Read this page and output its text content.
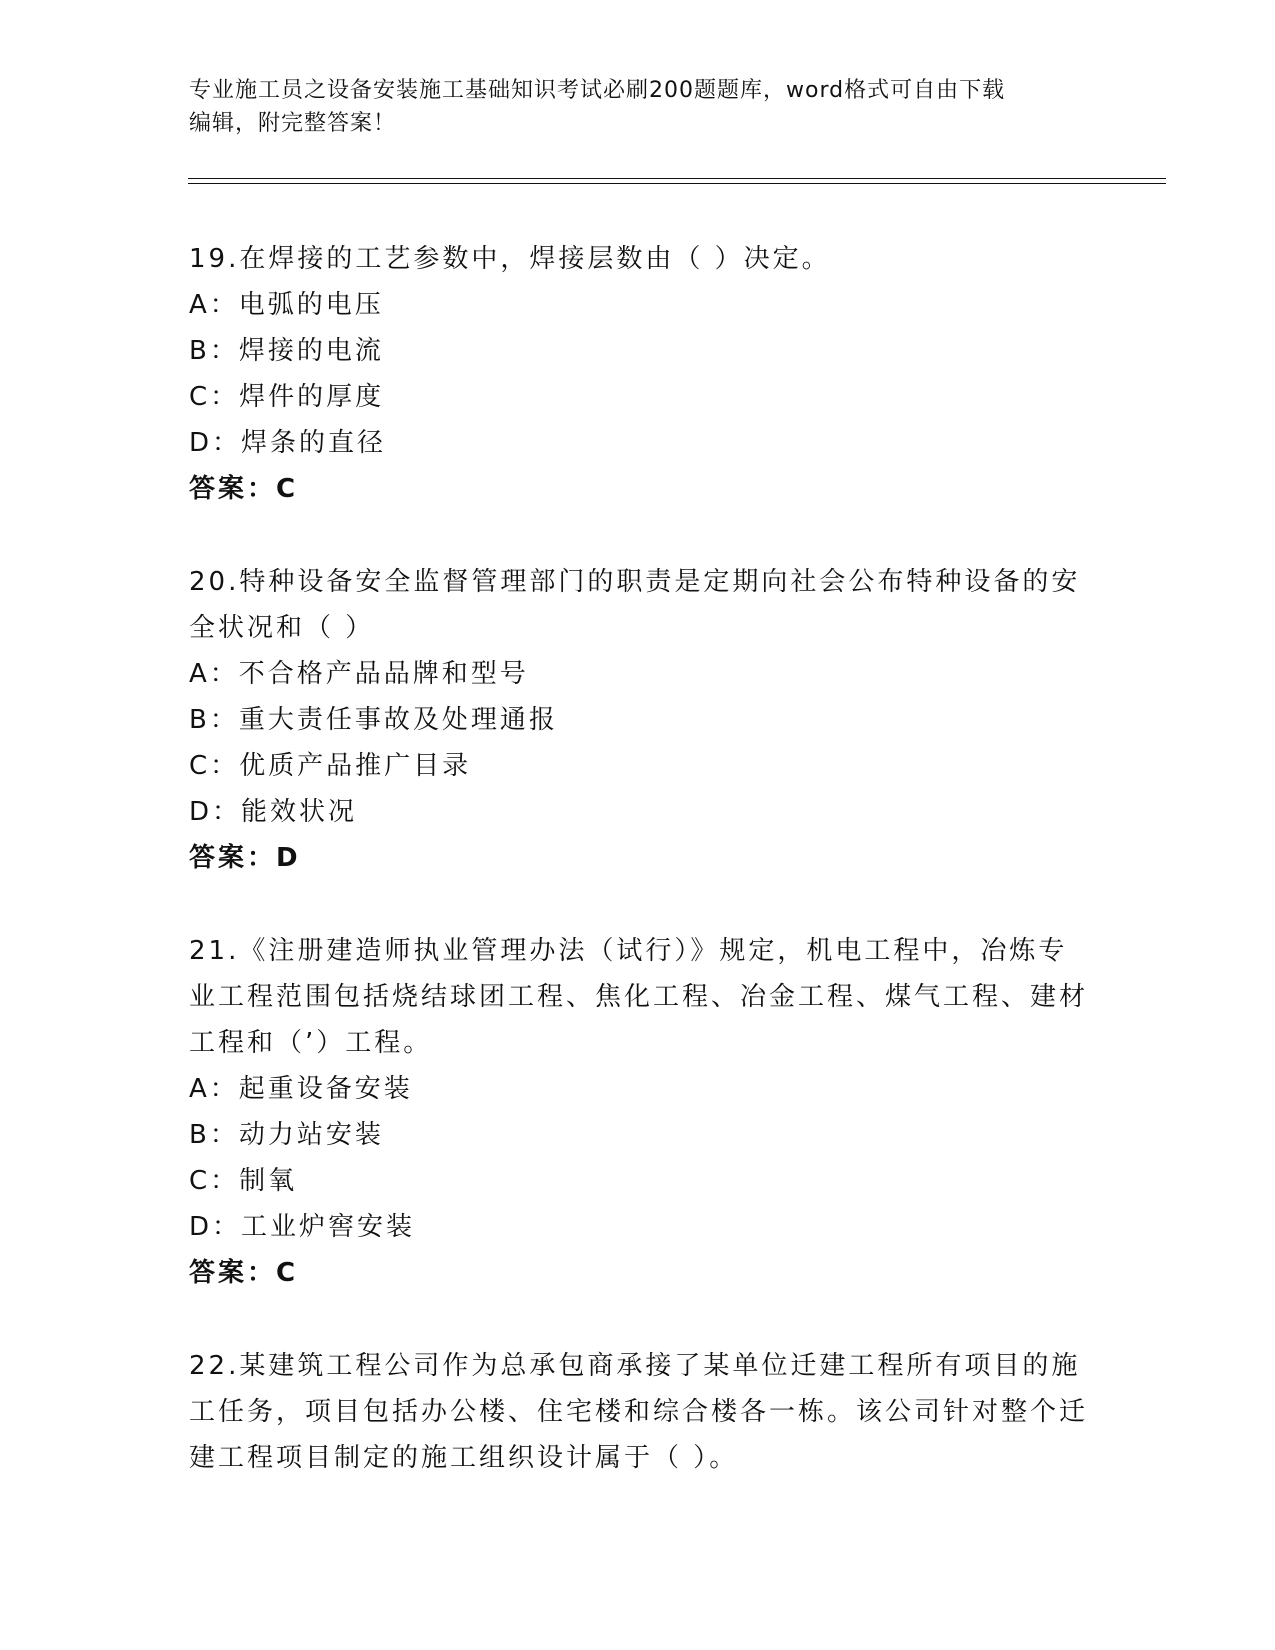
专业施工员之设备安装施工基础知识考试必刷200题题库，word格式可自由下载
编辑，附完整答案！
19.在焊接的工艺参数中，焊接层数由（ ）决定。
A：电弧的电压
B：焊接的电流
C：焊件的厚度
D：焊条的直径
答案：C
20.特种设备安全监督管理部门的职责是定期向社会公布特种设备的安全状况和（ ）
A：不合格产品品牌和型号
B：重大责任事故及处理通报
C：优质产品推广目录
D：能效状况
答案：D
21.《注册建造师执业管理办法（试行）》规定，机电工程中，冶炼专业工程范围包括烧结球团工程、焦化工程、冶金工程、煤气工程、建材工程和（’）工程。
A：起重设备安装
B：动力站安装
C：制氧
D：工业炉窖安装
答案：C
22.某建筑工程公司作为总承包商承接了某单位迁建工程所有项目的施工任务，项目包括办公楼、住宅楼和综合楼各一栋。该公司针对整个迁建工程项目制定的施工组织设计属于（ ）。
